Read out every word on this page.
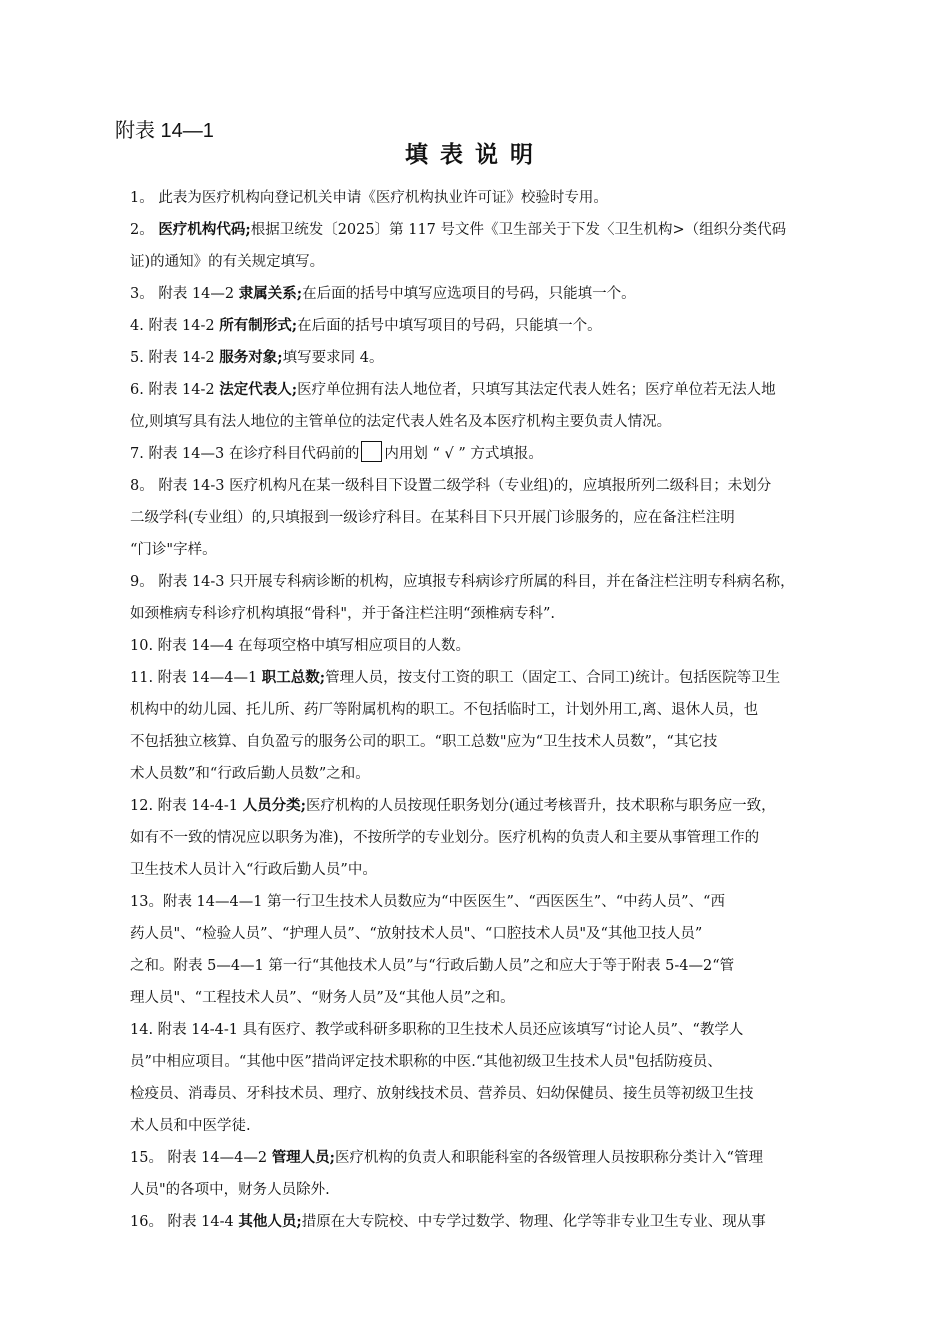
附表 14—1
填表说明
1。 此表为医疗机构向登记机关申请《医疗机构执业许可证》校验时专用。
2。 医疗机构代码;根据卫统发〔2025〕第 117 号文件《卫生部关于下发〈卫生机构>（组织分类代码
证)的通知》的有关规定填写。
3。 附表 14—2 隶属关系;在后面的括号中填写应选项目的号码，只能填一个。
4. 附表 14-2 所有制形式;在后面的括号中填写项目的号码，只能填一个。
5. 附表 14-2 服务对象;填写要求同 4。
6. 附表 14-2 法定代表人;医疗单位拥有法人地位者，只填写其法定代表人姓名；医疗单位若无法人地
位,则填写具有法人地位的主管单位的法定代表人姓名及本医疗机构主要负责人情况。
7. 附表 14—3 在诊疗科目代码前的 内用划 “ √ ” 方式填报。
8。 附表 14-3 医疗机构凡在某一级科目下设置二级学科（专业组)的，应填报所列二级科目；未划分
二级学科(专业组）的,只填报到一级诊疗科目。在某科目下只开展门诊服务的，应在备注栏注明
“门诊"字样。
9。 附表 14-3 只开展专科病诊断的机构，应填报专科病诊疗所属的科目，并在备注栏注明专科病名称，
如颈椎病专科诊疗机构填报“骨科"，并于备注栏注明“颈椎病专科”.
10. 附表 14—4 在每项空格中填写相应项目的人数。
11. 附表 14—4—1 职工总数;管理人员，按支付工资的职工（固定工、合同工)统计。包括医院等卫生
机构中的幼儿园、托儿所、药厂等附属机构的职工。不包括临时工，计划外用工,离、退休人员，也
不包括独立核算、自负盈亏的服务公司的职工。“职工总数"应为“卫生技术人员数”，“其它技
术人员数”和“行政后勤人员数”之和。
12. 附表 14-4-1 人员分类;医疗机构的人员按现任职务划分(通过考核晋升，技术职称与职务应一致，
如有不一致的情况应以职务为准)，不按所学的专业划分。医疗机构的负责人和主要从事管理工作的
卫生技术人员计入“行政后勤人员”中。
13。附表 14—4—1 第一行卫生技术人员数应为“中医医生”、“西医医生”、“中药人员”、“西
药人员"、“检验人员”、“护理人员”、“放射技术人员"、“口腔技术人员"及“其他卫技人员”
之和。附表 5—4—1 第一行“其他技术人员”与“行政后勤人员”之和应大于等于附表 5-4—2“管
理人员"、“工程技术人员”、“财务人员”及“其他人员”之和。
14. 附表 14-4-1 具有医疗、教学或科研多职称的卫生技术人员还应该填写“讨论人员”、“教学人
员”中相应项目。“其他中医”措尚评定技术职称的中医.“其他初级卫生技术人员"包括防疫员、
检疫员、消毒员、牙科技术员、理疗、放射线技术员、营养员、妇幼保健员、接生员等初级卫生技
术人员和中医学徒.
15。 附表 14—4—2 管理人员;医疗机构的负责人和职能科室的各级管理人员按职称分类计入“管理
人员"的各项中，财务人员除外.
16。 附表 14-4 其他人员;措原在大专院校、中专学过数学、物理、化学等非专业卫生专业、现从事
